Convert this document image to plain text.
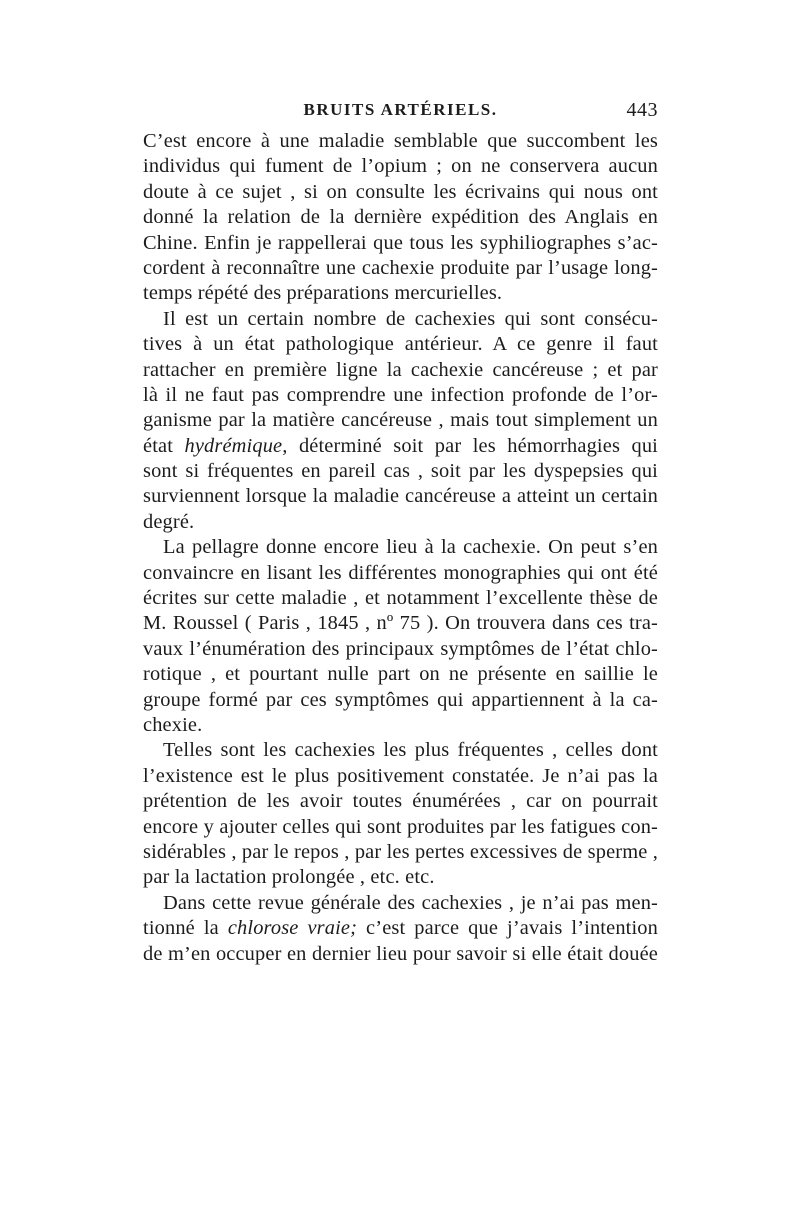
BRUITS ARTÉRIELS.	443
C’est encore à une maladie semblable que succombent les
individus qui fument de l’opium ; on ne conservera aucun
doute à ce sujet , si on consulte les écrivains qui nous ont
donné la relation de la dernière expédition des Anglais en
Chine. Enfin je rappellerai que tous les syphiliographes s’ac-
cordent à reconnaître une cachexie produite par l’usage long-
temps répété des préparations mercurielles.
Il est un certain nombre de cachexies qui sont consécu-
tives à un état pathologique antérieur. A ce genre il faut
rattacher en première ligne la cachexie cancéreuse ; et par
là il ne faut pas comprendre une infection profonde de l’or-
ganisme par la matière cancéreuse , mais tout simplement un
état hydrémique, déterminé soit par les hémorrhagies qui
sont si fréquentes en pareil cas , soit par les dyspepsies qui
surviennent lorsque la maladie cancéreuse a atteint un certain
degré.
La pellagre donne encore lieu à la cachexie. On peut s’en
convaincre en lisant les différentes monographies qui ont été
écrites sur cette maladie , et notamment l’excellente thèse de
M. Roussel ( Paris , 1845 , nº 75 ). On trouvera dans ces tra-
vaux l’énumération des principaux symptômes de l’état chlo-
rotique , et pourtant nulle part on ne présente en saillie le
groupe formé par ces symptômes qui appartiennent à la ca-
chexie.
Telles sont les cachexies les plus fréquentes , celles dont
l’existence est le plus positivement constatée. Je n’ai pas la
prétention de les avoir toutes énumérées , car on pourrait
encore y ajouter celles qui sont produites par les fatigues con-
sidérables , par le repos , par les pertes excessives de sperme ,
par la lactation prolongée , etc. etc.
Dans cette revue générale des cachexies , je n’ai pas men-
tionné la chlorose vraie; c’est parce que j’avais l’intention
de m’en occuper en dernier lieu pour savoir si elle était douée
